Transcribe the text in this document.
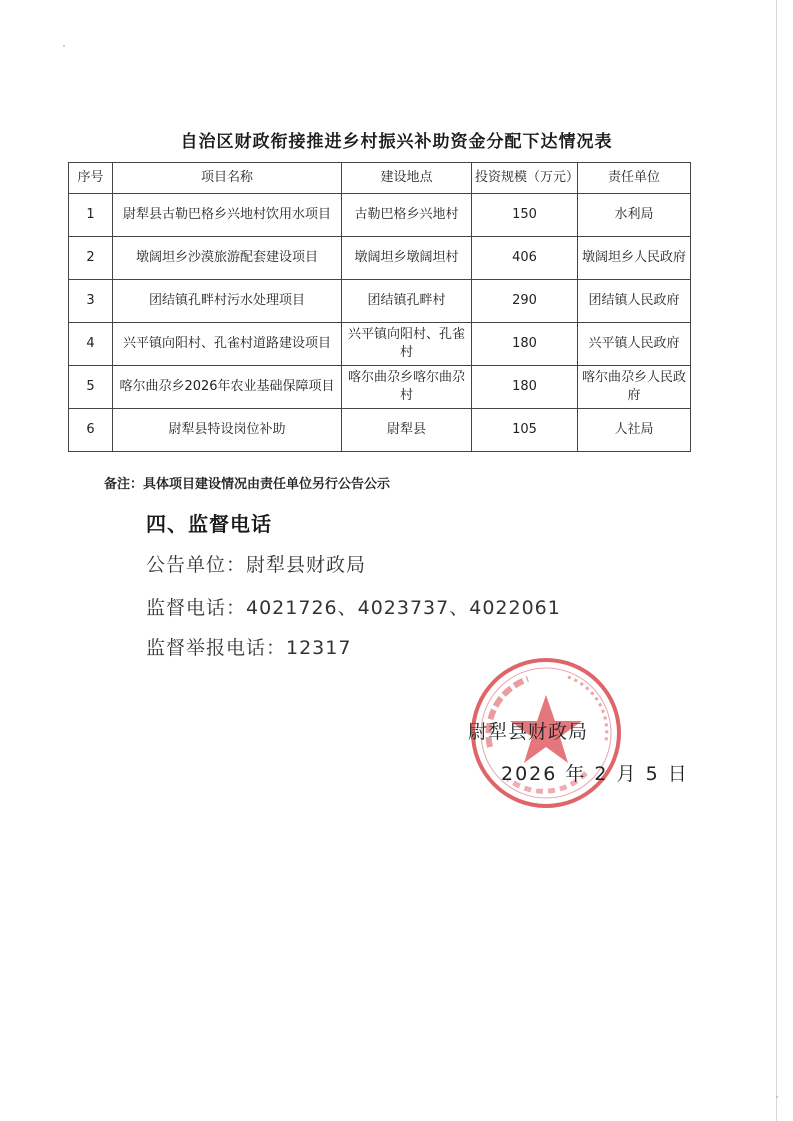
自治区财政衔接推进乡村振兴补助资金分配下达情况表
序号	项目名称	建设地点	投资规模（万元）	责任单位
1	尉犁县古勒巴格乡兴地村饮用水项目	古勒巴格乡兴地村	150	水利局
2	墩阔坦乡沙漠旅游配套建设项目	墩阔坦乡墩阔坦村	406	墩阔坦乡人民政府
3	团结镇孔畔村污水处理项目	团结镇孔畔村	290	团结镇人民政府
4	兴平镇向阳村、孔雀村道路建设项目	兴平镇向阳村、孔雀村	180	兴平镇人民政府
5	喀尔曲尕乡2026年农业基础保障项目	喀尔曲尕乡喀尔曲尕村	180	喀尔曲尕乡人民政府
6	尉犁县特设岗位补助	尉犁县	105	人社局
备注：具体项目建设情况由责任单位另行公告公示
四、监督电话
公告单位：尉犁县财政局
监督电话：4021726、4023737、4022061
监督举报电话：12317
尉犁县财政局
2026 年 2 月 5 日
